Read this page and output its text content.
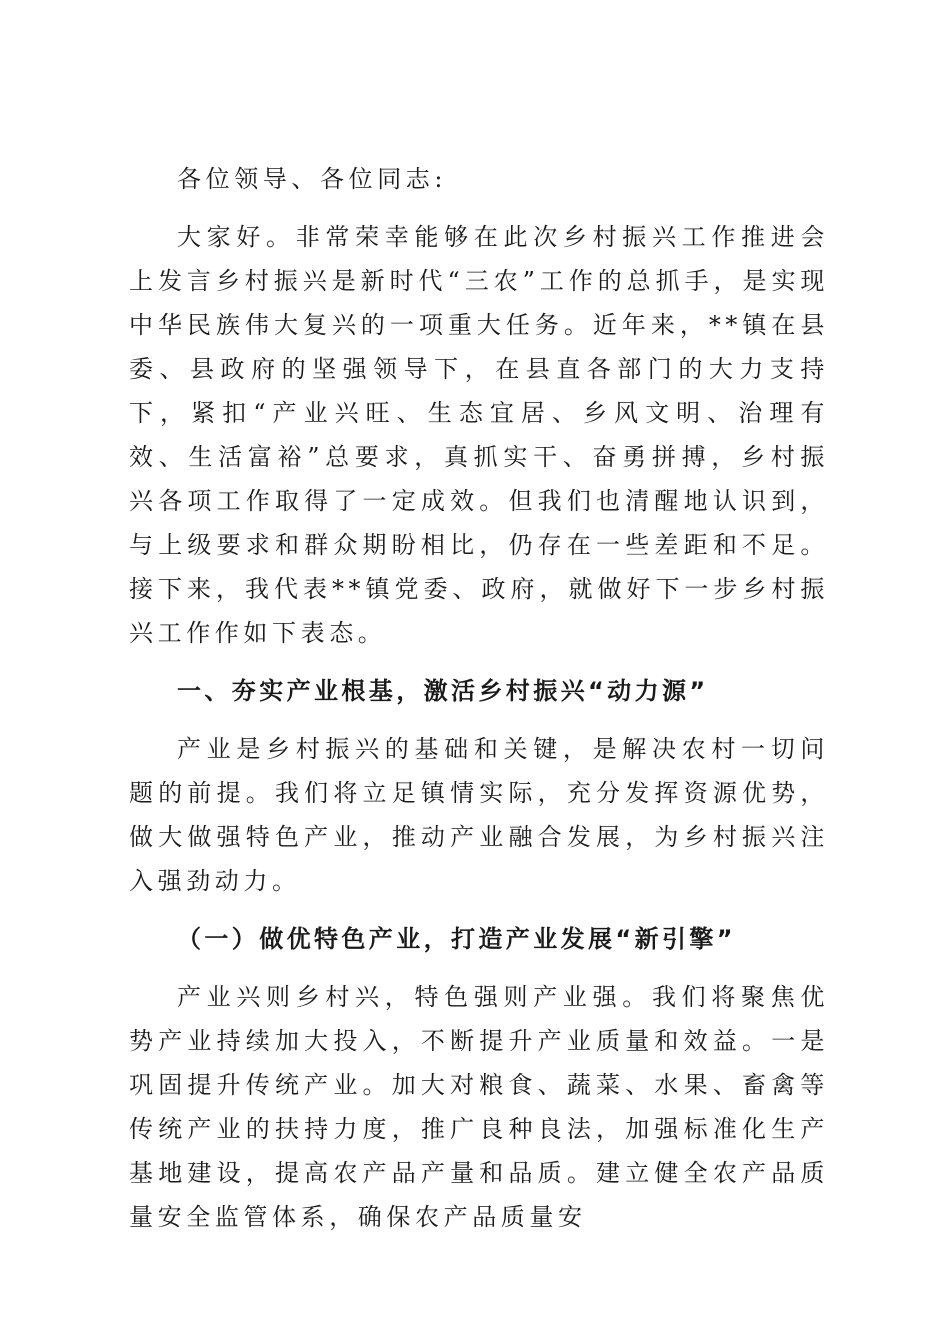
各位领导、各位同志:

大家好。非常荣幸能够在此次乡村振兴工作推进会上发言乡村振兴是新时代“三农”工作的总抓手，是实现中华民族伟大复兴的一项重大任务。近年来，**镇在县委、县政府的坚强领导下，在县直各部门的大力支持下，紧扣“产业兴旺、生态宜居、乡风文明、治理有效、生活富裕”总要求，真抓实干、奋勇拼搏，乡村振兴各项工作取得了一定成效。但我们也清醒地认识到，与上级要求和群众期盼相比，仍存在一些差距和不足。接下来，我代表**镇党委、政府，就做好下一步乡村振兴工作作如下表态。

一、夯实产业根基，激活乡村振兴“动力源”

产业是乡村振兴的基础和关键，是解决农村一切问题的前提。我们将立足镇情实际，充分发挥资源优势，做大做强特色产业，推动产业融合发展，为乡村振兴注入强劲动力。

（一）做优特色产业，打造产业发展“新引擎”

产业兴则乡村兴，特色强则产业强。我们将聚焦优势产业持续加大投入，不断提升产业质量和效益。一是巩固提升传统产业。加大对粮食、蔬菜、水果、畜禽等传统产业的扶持力度，推广良种良法，加强标准化生产基地建设，提高农产品产量和品质。建立健全农产品质量安全监管体系，确保农产品质量安
